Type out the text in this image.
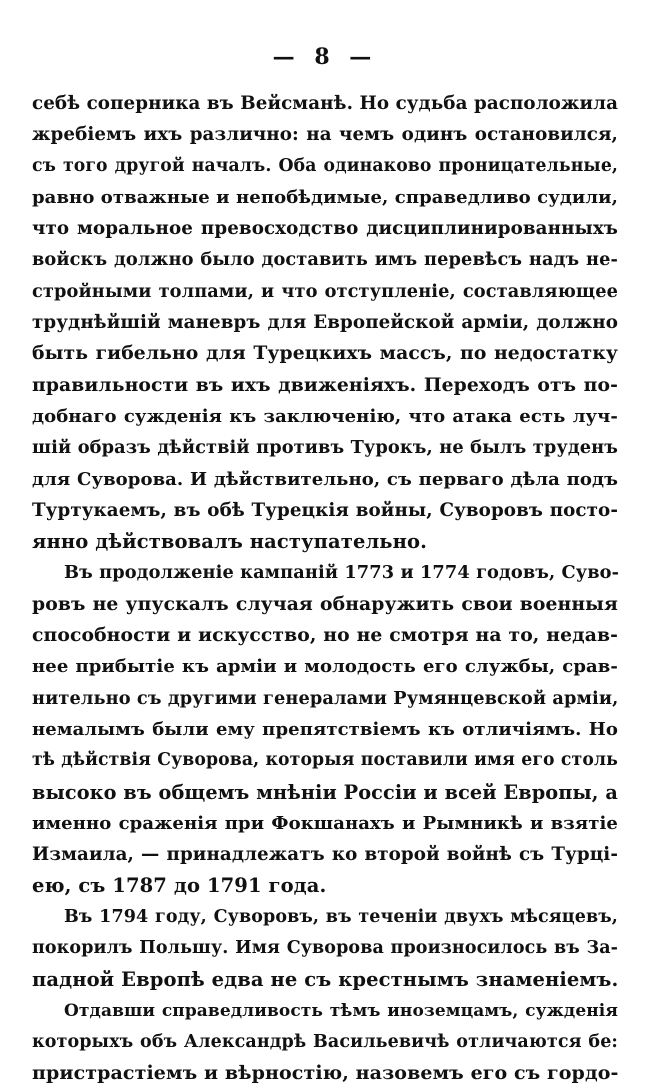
— 8 —
себѣ соперника въ Вейсманѣ. Но судьба расположила
жребіемъ ихъ различно: на чемъ одинъ остановился,
съ того другой началъ. Оба одинаково проницательные,
равно отважные и непобѣдимые, справедливо судили,
что моральное превосходство дисциплинированныхъ
войскъ должно было доставить имъ перевѣсъ надъ не-
стройными толпами, и что отступленіе, составляющее
труднѣйшій маневръ для Европейской арміи, должно
быть гибельно для Турецкихъ массъ, по недостатку
правильности въ ихъ движеніяхъ. Переходъ отъ по-
добнаго сужденія къ заключенію, что атака есть луч-
шій образъ дѣйствій противъ Турокъ, не былъ труденъ
для Суворова. И дѣйствительно, съ перваго дѣла подъ
Туртукаемъ, въ обѣ Турецкія войны, Суворовъ посто-
янно дѣйствовалъ наступательно.
Въ продолженіе кампаній 1773 и 1774 годовъ, Суво-
ровъ не упускалъ случая обнаружить свои военныя
способности и искусство, но не смотря на то, недав-
нее прибытіе къ арміи и молодость его службы, срав-
нительно съ другими генералами Румянцевской арміи,
немалымъ были ему препятствіемъ къ отличіямъ. Но
тѣ дѣйствія Суворова, которыя поставили имя его столь
высоко въ общемъ мнѣніи Россіи и всей Европы, а
именно сраженія при Фокшанахъ и Рымникѣ и взятіе
Измаила, — принадлежатъ ко второй войнѣ съ Турці-
ею, съ 1787 до 1791 года.
Въ 1794 году, Суворовъ, въ теченіи двухъ мѣсяцевъ,
покорилъ Польшу. Имя Суворова произносилось въ За-
падной Европѣ едва не съ крестнымъ знаменіемъ.
Отдавши справедливость тѣмъ иноземцамъ, сужденія
которыхъ объ Александрѣ Васильевичѣ отличаются бе:
пристрастіемъ и вѣрностію, назовемъ его съ гордо-
